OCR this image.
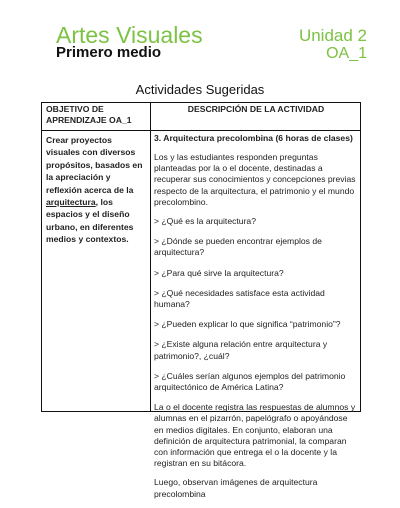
Artes Visuales
Primero medio
Unidad 2
OA_1
Actividades Sugeridas
OBJETIVO DE APRENDIZAJE OA_1
DESCRIPCIÓN DE LA ACTIVIDAD
Crear proyectos visuales con diversos propósitos, basados en la apreciación y reflexión acerca de la arquitectura, los espacios y el diseño urbano, en diferentes medios y contextos.
3. Arquitectura precolombina (6 horas de clases)
Los y las estudiantes responden preguntas planteadas por la o el docente, destinadas a recuperar sus conocimientos y concepciones previas respecto de la arquitectura, el patrimonio y el mundo precolombino.
> ¿Qué es la arquitectura?
> ¿Dónde se pueden encontrar ejemplos de arquitectura?
> ¿Para qué sirve la arquitectura?
> ¿Qué necesidades satisface esta actividad humana?
> ¿Pueden explicar lo que significa “patrimonio”?
> ¿Existe alguna relación entre arquitectura y patrimonio?, ¿cuál?
> ¿Cuáles serían algunos ejemplos del patrimonio arquitectónico de América Latina?
La o el docente registra las respuestas de alumnos y alumnas en el pizarrón, papelógrafo o apoyándose en medios digitales. En conjunto, elaboran una definición de arquitectura patrimonial, la comparan con información que entrega el o la docente y la registran en su bitácora.
Luego, observan imágenes de arquitectura precolombina
